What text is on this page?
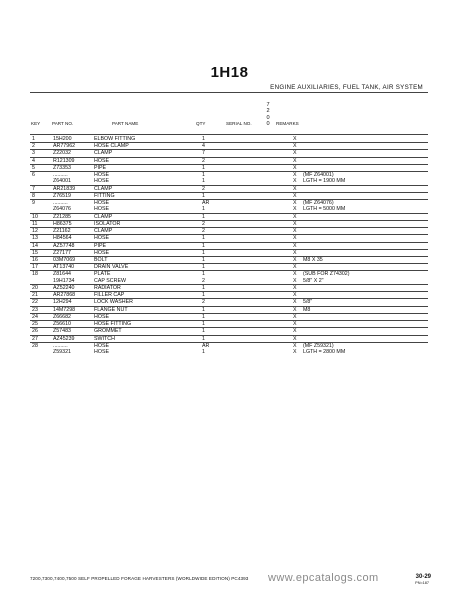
1H18
ENGINE AUXILIARIES, FUEL TANK, AIR SYSTEM
7
2
0
0
KEY	PART NO.	PART NAME	QTY	SERIAL NO.	REMARKS
1	15H200	ELBOW FITTING	1		X	
2	AR77962	HOSE CLAMP	4		X	
3	Z22032	CLAMP	7		X	
4	R121309	HOSE	2		X	
5	Z73353	PIPE	1		X	
6	..........	HOSE	1		X	(MF Z64001)
	Z64001	HOSE	1		X	LGTH = 1900 MM
7	AR21839	CLAMP	2		X	
8	Z76519	FITTING	1		X	
9	..........	HOSE	AR		X	(MF Z64076)
	Z64076	HOSE	1		X	LGTH = 5000 MM
10	Z21285	CLAMP	1		X	
11	H86375	ISOLATOR	2		X	
12	Z21162	CLAMP	2		X	
13	H84564	HOSE	1		X	
14	AZ57748	PIPE	1		X	
15	Z27177	HOSE	1		X	
16	03M7069	BOLT	1		X	M8 X 35
17	AT13740	DRAIN VALVE	1		X	
18	Z81644	PLATE	1		X	(SUB FOR Z74302)
	19H1734	CAP SCREW	2		X	5/8" X 2"
20	AZ52240	RADIATOR	1		X	
21	AR27868	FILLER CAP	1		X	
22	12H294	LOCK WASHER	2		X	5/8"
23	14M7298	FLANGE NUT	1		X	M8
24	Z66682	HOSE	1		X	
25	Z56610	HOSE FITTING	1		X	
26	Z57483	GROMMET	1		X	
27	AZ45239	SWITCH	1		X	
28	..........	HOSE	AR		X	(MF Z59321)
	Z59321	HOSE	1		X	LGTH = 2800 MM
7200,7300,7400,7500 SELF PROPELLED FORAGE HARVESTERS (WORLDWIDE EDITION) PC4393 www.epcatalogs.com	30-29
PN=187
